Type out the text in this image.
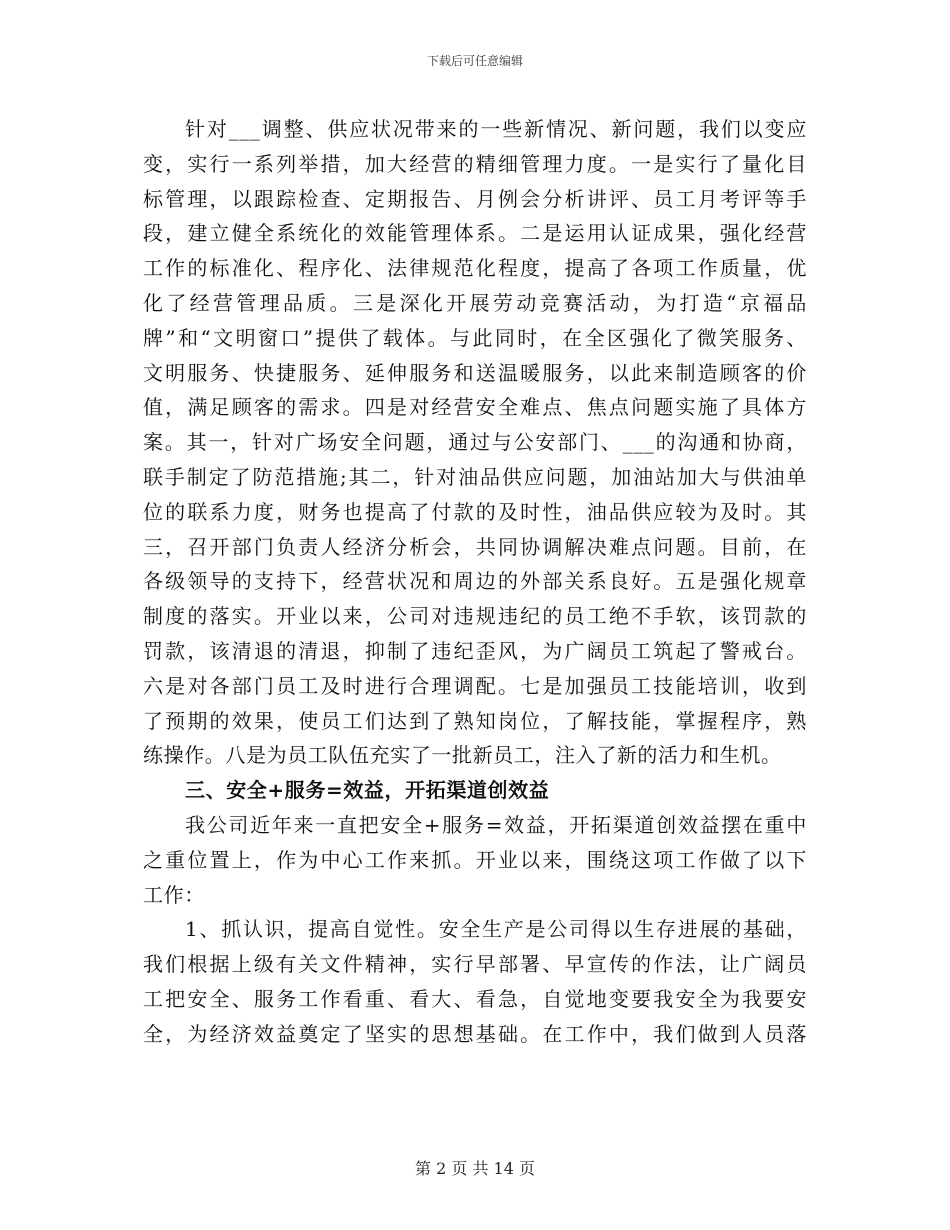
下载后可任意编辑
针对___调整、供应状况带来的一些新情况、新问题，我们以变应
变，实行一系列举措，加大经营的精细管理力度。一是实行了量化目
标管理，以跟踪检查、定期报告、月例会分析讲评、员工月考评等手
段，建立健全系统化的效能管理体系。二是运用认证成果，强化经营
工作的标准化、程序化、法律规范化程度，提高了各项工作质量，优
化了经营管理品质。三是深化开展劳动竞赛活动，为打造“京福品
牌”和“文明窗口”提供了载体。与此同时，在全区强化了微笑服务、
文明服务、快捷服务、延伸服务和送温暖服务，以此来制造顾客的价
值，满足顾客的需求。四是对经营安全难点、焦点问题实施了具体方
案。其一，针对广场安全问题，通过与公安部门、___的沟通和协商，
联手制定了防范措施;其二，针对油品供应问题，加油站加大与供油单
位的联系力度，财务也提高了付款的及时性，油品供应较为及时。其
三，召开部门负责人经济分析会，共同协调解决难点问题。目前，在
各级领导的支持下，经营状况和周边的外部关系良好。五是强化规章
制度的落实。开业以来，公司对违规违纪的员工绝不手软，该罚款的
罚款，该清退的清退，抑制了违纪歪风，为广阔员工筑起了警戒台。
六是对各部门员工及时进行合理调配。七是加强员工技能培训，收到
了预期的效果，使员工们达到了熟知岗位，了解技能，掌握程序，熟
练操作。八是为员工队伍充实了一批新员工，注入了新的活力和生机。
三、安全+服务=效益，开拓渠道创效益
我公司近年来一直把安全+服务=效益，开拓渠道创效益摆在重中
之重位置上，作为中心工作来抓。开业以来，围绕这项工作做了以下
工作：
1、抓认识，提高自觉性。安全生产是公司得以生存进展的基础，
我们根据上级有关文件精神，实行早部署、早宣传的作法，让广阔员
工把安全、服务工作看重、看大、看急，自觉地变要我安全为我要安
全，为经济效益奠定了坚实的思想基础。在工作中，我们做到人员落
第 2 页 共 14 页
